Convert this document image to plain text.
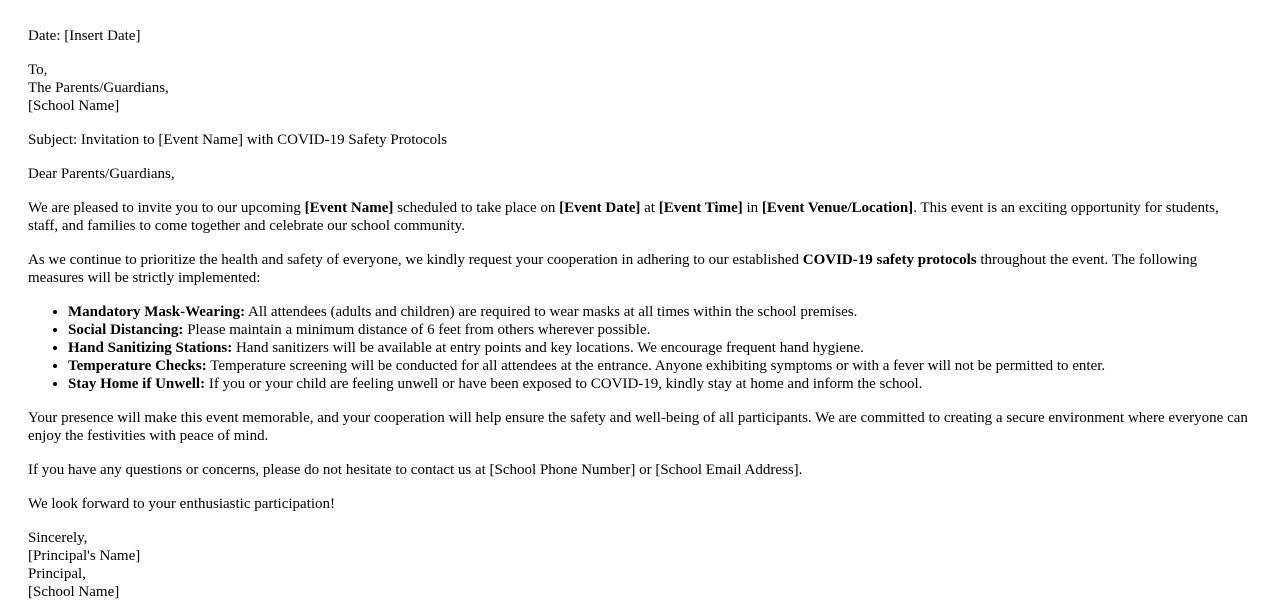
Date: [Insert Date]

To,
The Parents/Guardians,
[School Name]

Subject: Invitation to [Event Name] with COVID-19 Safety Protocols

Dear Parents/Guardians,

We are pleased to invite you to our upcoming [Event Name] scheduled to take place on [Event Date] at [Event Time] in [Event Venue/Location]. This event is an exciting opportunity for students, staff, and families to come together and celebrate our school community.

As we continue to prioritize the health and safety of everyone, we kindly request your cooperation in adhering to our established COVID-19 safety protocols throughout the event. The following measures will be strictly implemented:

• Mandatory Mask-Wearing: All attendees (adults and children) are required to wear masks at all times within the school premises.
• Social Distancing: Please maintain a minimum distance of 6 feet from others wherever possible.
• Hand Sanitizing Stations: Hand sanitizers will be available at entry points and key locations. We encourage frequent hand hygiene.
• Temperature Checks: Temperature screening will be conducted for all attendees at the entrance. Anyone exhibiting symptoms or with a fever will not be permitted to enter.
• Stay Home if Unwell: If you or your child are feeling unwell or have been exposed to COVID-19, kindly stay at home and inform the school.

Your presence will make this event memorable, and your cooperation will help ensure the safety and well-being of all participants. We are committed to creating a secure environment where everyone can enjoy the festivities with peace of mind.

If you have any questions or concerns, please do not hesitate to contact us at [School Phone Number] or [School Email Address].

We look forward to your enthusiastic participation!

Sincerely,
[Principal's Name]
Principal,
[School Name]
